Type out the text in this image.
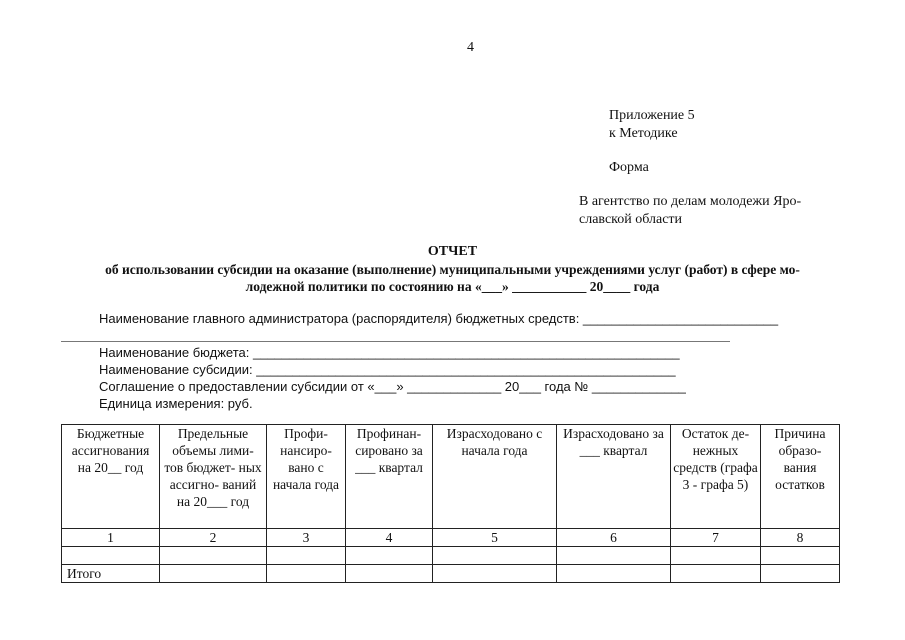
4
Приложение 5
к Методике
Форма
В агентство по делам молодежи Яро-
славской области
ОТЧЕТ
об использовании субсидии на оказание (выполнение) муниципальными учреждениями услуг (работ) в сфере мо-
лодежной политики по состоянию на «___» ___________ 20____ года
Наименование главного администратора (распорядителя) бюджетных средств: ___________________________
Наименование бюджета: ___________________________________________________________
Наименование субсидии: __________________________________________________________
Соглашение о предоставлении субсидии от «___» _____________ 20___ года № _____________
Единица измерения: руб.
Бюджетные ассигнования на 20__ год	Предельные объемы лими- тов бюджет- ных ассигно- ваний на 20___ год	Профи- нансиро- вано с начала года	Профинан- сировано за ___ квартал	Израсходовано с начала года	Израсходовано за ___ квартал	Остаток де- нежных средств (графа 3 - графа 5)	Причина образо- вания остатков
1	2	3	4	5	6	7	8

Итого							
